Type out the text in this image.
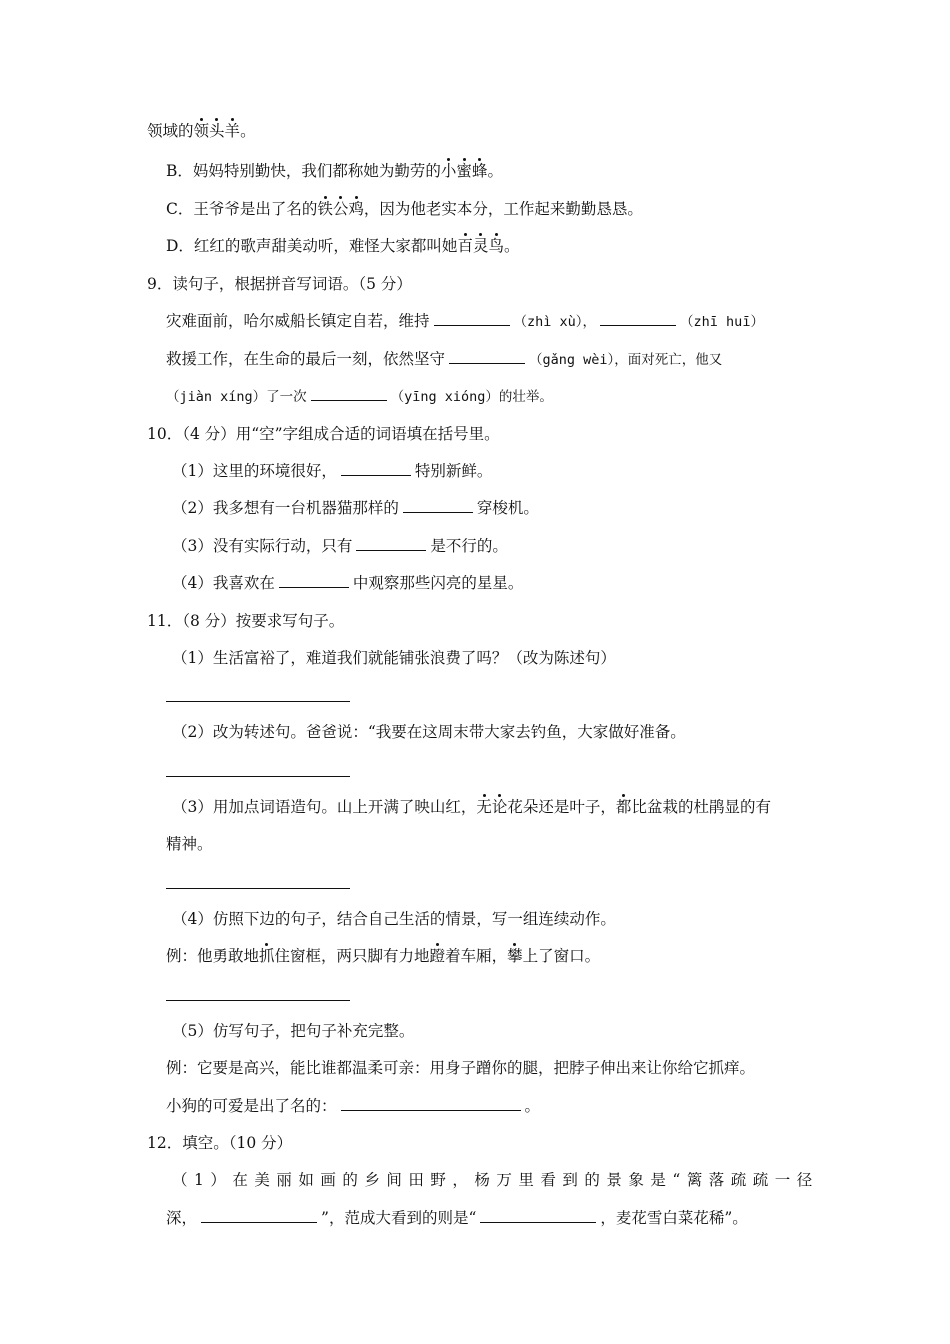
领域的领头羊。
B．妈妈特别勤快，我们都称她为勤劳的小蜜蜂。
C．王爷爷是出了名的铁公鸡，因为他老实本分，工作起来勤勤恳恳。
D．红红的歌声甜美动听，难怪大家都叫她百灵鸟。
9．读句子，根据拼音写词语。（5 分）
灾难面前，哈尔威船长镇定自若，维持	（zhì xù），	（zhī huī）
救援工作，在生命的最后一刻，依然坚守	（gǎng wèi），面对死亡，他又
（jiàn xíng）了一次	（yīng xióng）的壮举。
10．（4 分）用“空”字组成合适的词语填在括号里。
（1）这里的环境很好，	特别新鲜。
（2）我多想有一台机器猫那样的	穿梭机。
（3）没有实际行动，只有	是不行的。
（4）我喜欢在	中观察那些闪亮的星星。
11．（8 分）按要求写句子。
（1）生活富裕了，难道我们就能铺张浪费了吗？（改为陈述句）
（2）改为转述句。爸爸说：“我要在这周末带大家去钓鱼，大家做好准备。
（3）用加点词语造句。山上开满了映山红，无论花朵还是叶子，都比盆栽的杜鹃显的有
精神。
（4）仿照下边的句子，结合自己生活的情景，写一组连续动作。
例：他勇敢地抓住窗框，两只脚有力地蹬着车厢，攀上了窗口。
（5）仿写句子，把句子补充完整。
例：它要是高兴，能比谁都温柔可亲：用身子蹭你的腿，把脖子伸出来让你给它抓痒。
小狗的可爱是出了名的：	。
12．填空。（10 分）
（1）在美丽如画的乡间田野，杨万里看到的景象是“篱落疏疏一径
深，	”，范成大看到的则是“	，麦花雪白菜花稀”。
